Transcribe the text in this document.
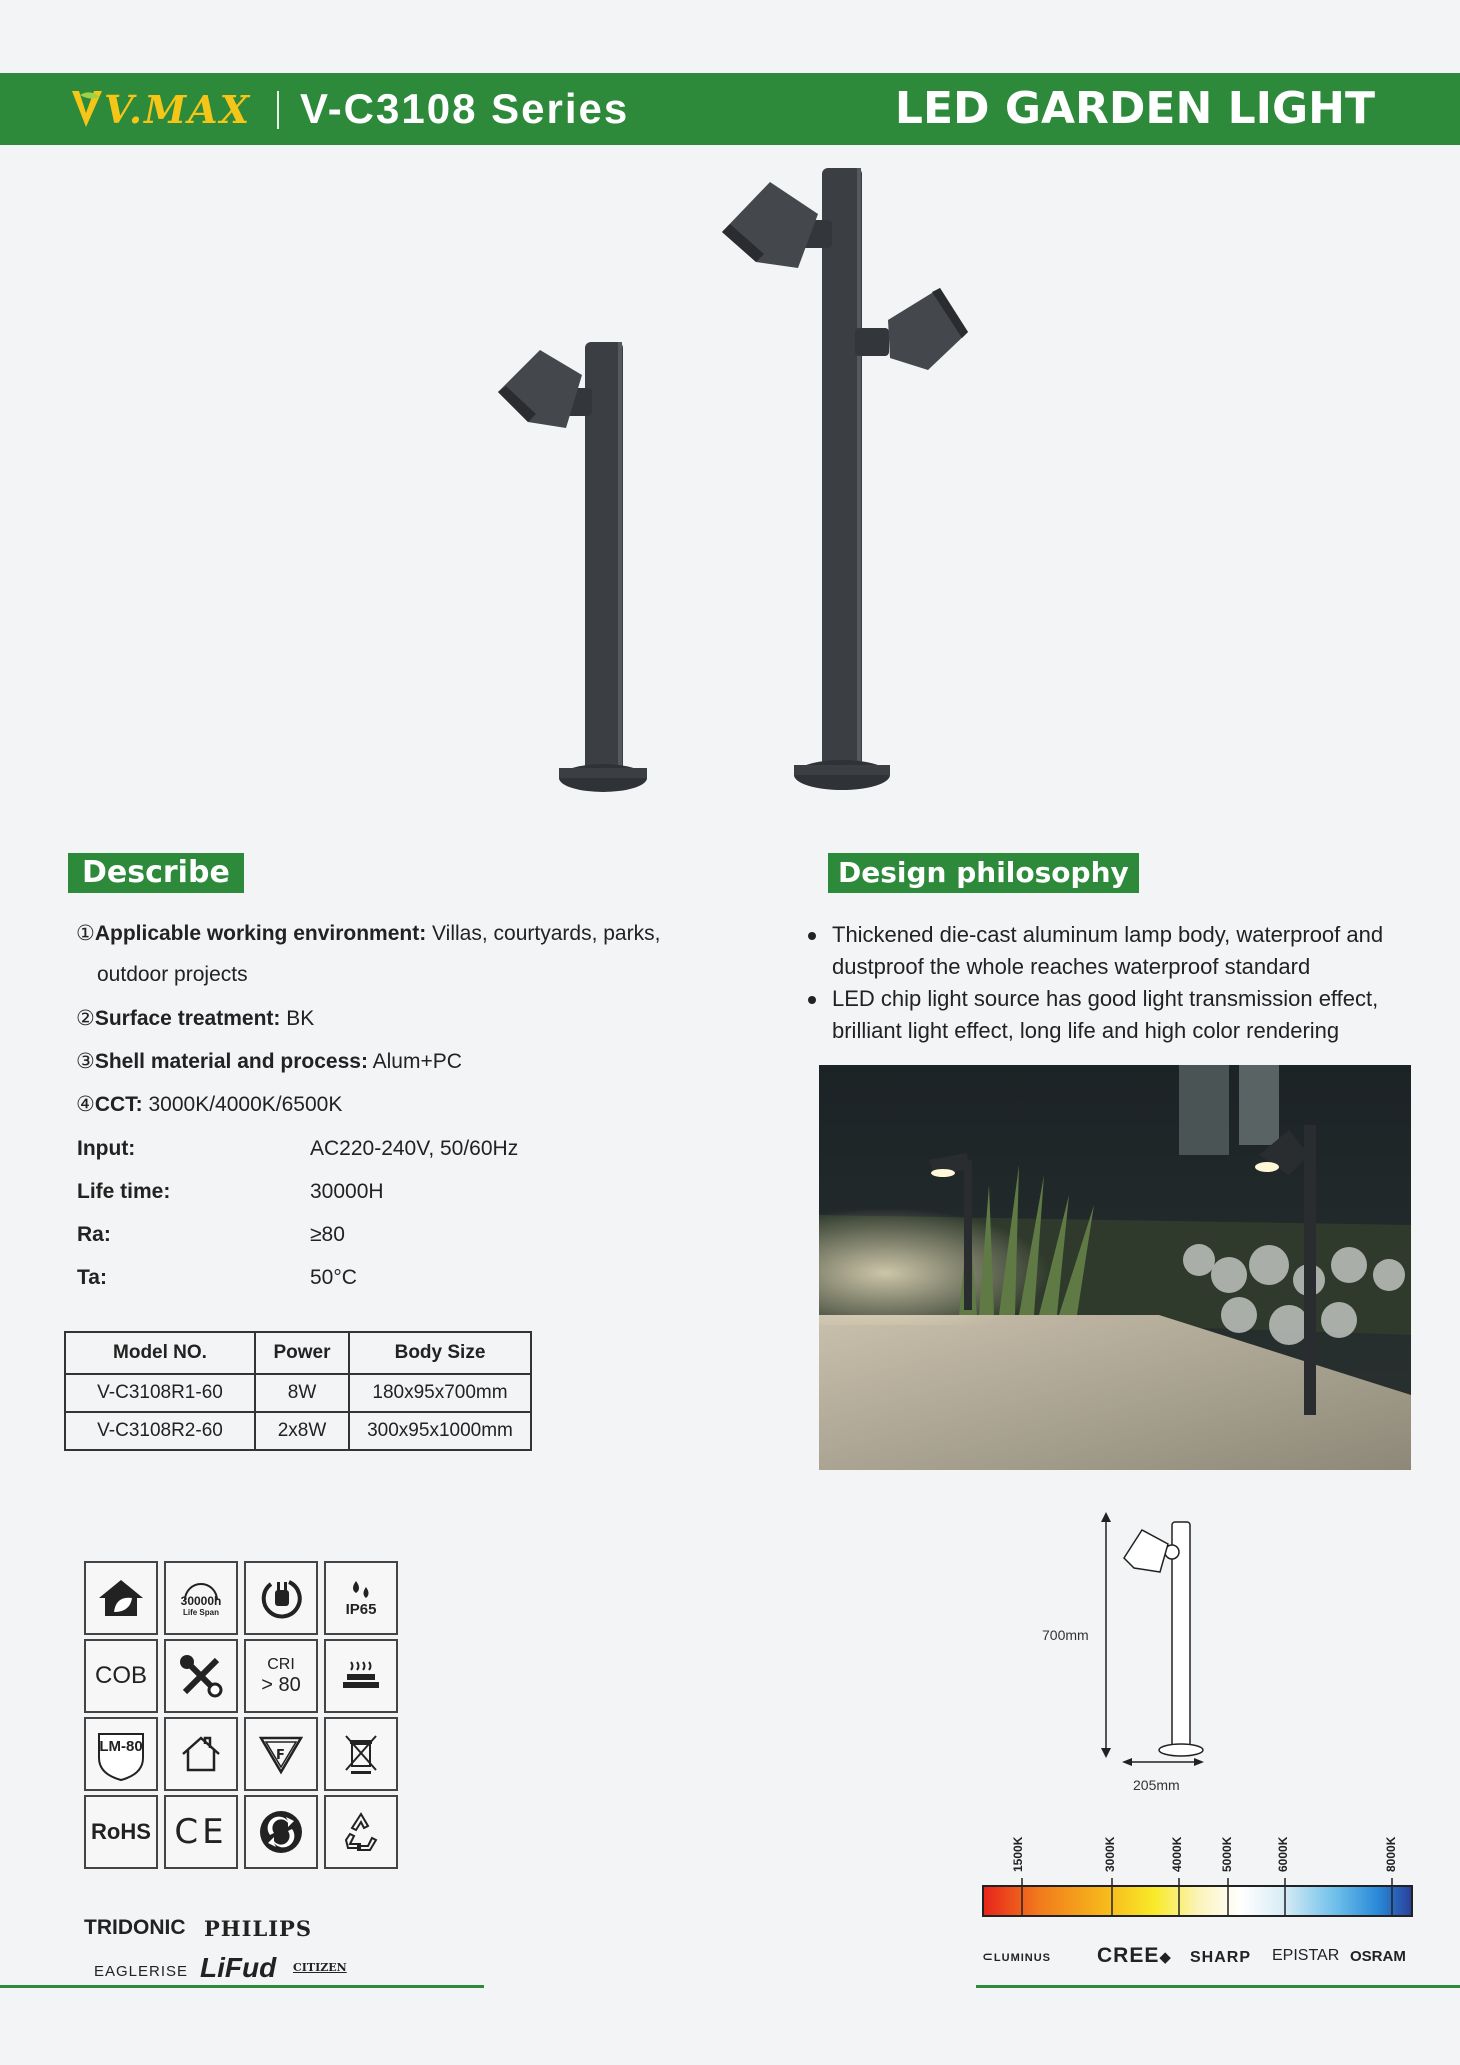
V.MAX V-C3108 Series	LED GARDEN LIGHT
Describe
①Applicable working environment: Villas, courtyards, parks,
outdoor projects
②Surface treatment: BK
③Shell material and process: Alum+PC
④CCT: 3000K/4000K/6500K
Input:	AC220-240V, 50/60Hz
Life time:	30000H
Ra:	≥80
Ta:	50°C
Model NO.	Power	Body Size
V-C3108R1-60	8W	180x95x700mm
V-C3108R2-60	2x8W	300x95x1000mm
Design philosophy
Thickened die-cast aluminum lamp body, waterproof and dustproof the whole reaches waterproof standard
LED chip light source has good light transmission effect, brilliant light effect, long life and high color rendering
30000h
Life Span	IP65
COB	CRI
> 80
LM-80
F
RoHS CE
TRIDONIC PHILIPS
EAGLERISE LiFud CITIZEN
700mm
205mm
1500K	3000K	4000K	5000K	6000K	8000K
⊂LUMINUS CREE◆ SHARP EPISTAR OSRAM
